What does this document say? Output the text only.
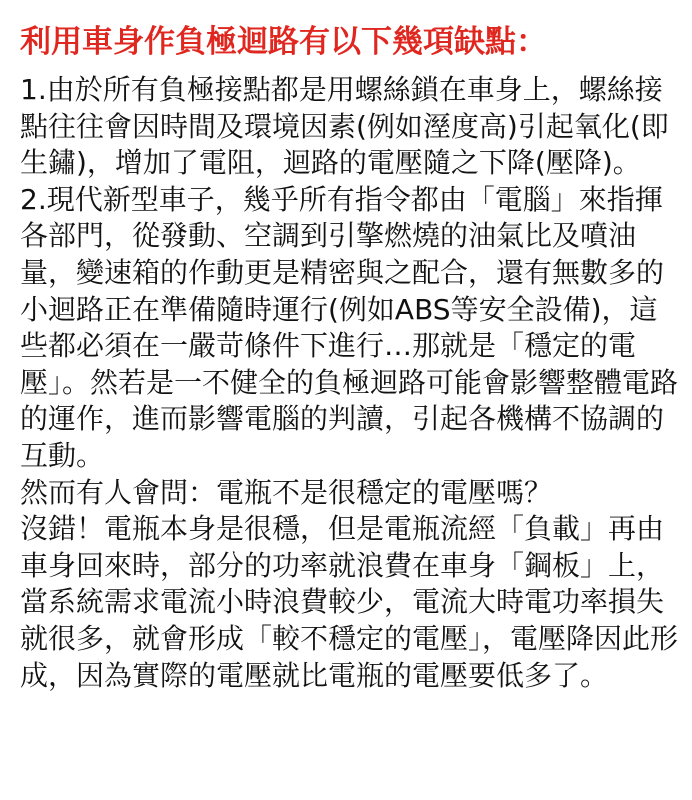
利用車身作負極迴路有以下幾項缺點：

1.由於所有負極接點都是用螺絲鎖在車身上，螺絲接點往往會因時間及環境因素(例如溼度高)引起氧化(即生鏽)，增加了電阻，迴路的電壓隨之下降(壓降)。

2.現代新型車子，幾乎所有指令都由「電腦」來指揮各部門，從發動、空調到引擎燃燒的油氣比及噴油量，變速箱的作動更是精密與之配合，還有無數多的小迴路正在準備隨時運行(例如ABS等安全設備)，這些都必須在一嚴苛條件下進行…那就是「穩定的電壓」。然若是一不健全的負極迴路可能會影響整體電路的運作，進而影響電腦的判讀，引起各機構不協調的互動。

然而有人會問：電瓶不是很穩定的電壓嗎？

沒錯！電瓶本身是很穩，但是電瓶流經「負載」再由車身回來時，部分的功率就浪費在車身「鋼板」上，當系統需求電流小時浪費較少，電流大時電功率損失就很多，就會形成「較不穩定的電壓」，電壓降因此形成，因為實際的電壓就比電瓶的電壓要低多了。
